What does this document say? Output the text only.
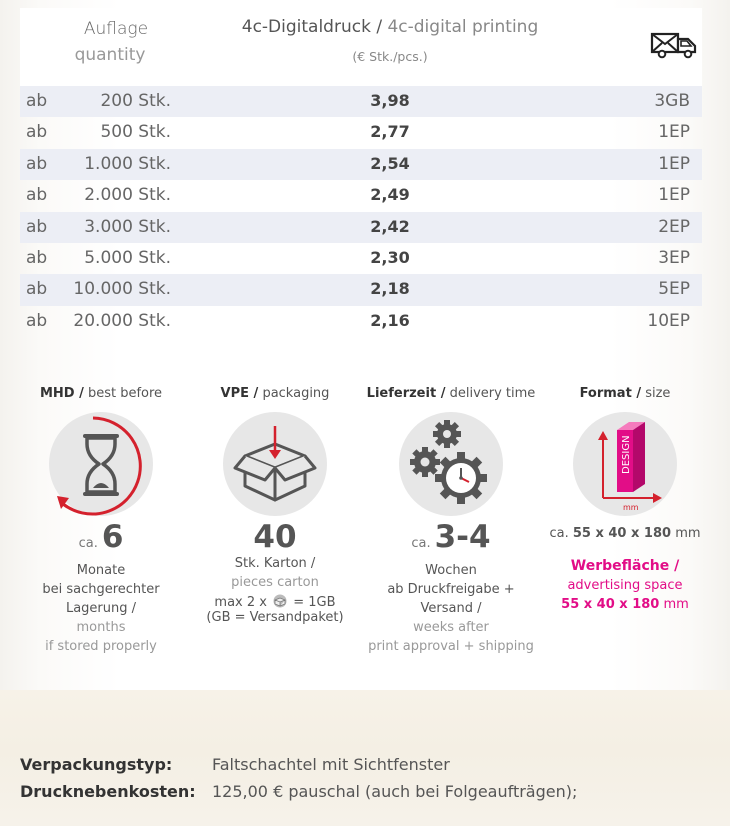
Auflage
quantity
4c-Digitaldruck / 4c-digital printing
(€ Stk./pcs.)
ab	200 Stk.	3,98	3GB
ab	500 Stk.	2,77	1EP
ab	1.000 Stk.	2,54	1EP
ab	2.000 Stk.	2,49	1EP
ab	3.000 Stk.	2,42	2EP
ab	5.000 Stk.	2,30	3EP
ab	10.000 Stk.	2,18	5EP
ab	20.000 Stk.	2,16	10EP
MHD / best before
ca. 6
Monate
bei sachgerechter Lagerung /
months
if stored properly
VPE / packaging
40
Stk. Karton /
pieces carton
max 2 x = 1GB
(GB = Versandpaket)
Lieferzeit / delivery time
ca. 3-4
Wochen
ab Druckfreigabe + Versand /
weeks after
print approval + shipping
Format / size
DESIGN
mm
ca. 55 x 40 x 180 mm
Werbefläche /
advertising space
55 x 40 x 180 mm
Verpackungstyp: Faltschachtel mit Sichtfenster
Drucknebenkosten: 125,00 € pauschal (auch bei Folgeaufträgen);
